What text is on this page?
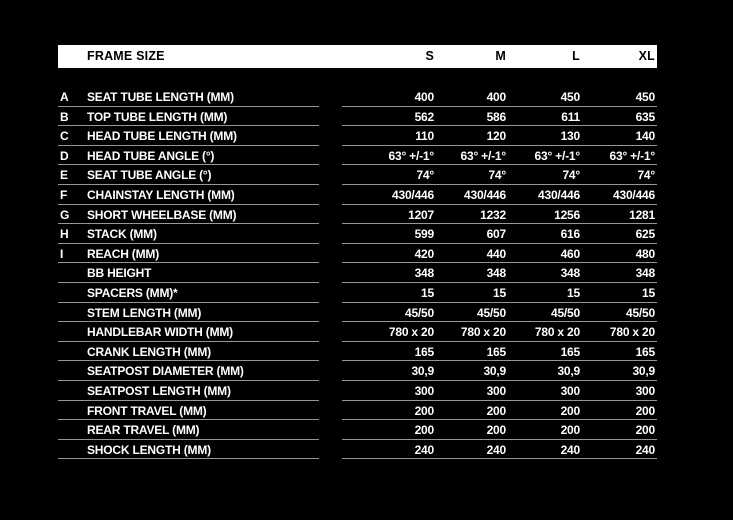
FRAME SIZE	S	M	L	XL
A SEAT TUBE LENGTH (MM)	400	400	450	450
B TOP TUBE LENGTH (MM)	562	586	611	635
C HEAD TUBE LENGTH (MM)	110	120	130	140
D HEAD TUBE ANGLE (°)	63° +/-1°	63° +/-1°	63° +/-1°	63° +/-1°
E SEAT TUBE ANGLE (°)	74°	74°	74°	74°
F CHAINSTAY LENGTH (MM)	430/446	430/446	430/446	430/446
G SHORT WHEELBASE (MM)	1207	1232	1256	1281
H STACK (MM)	599	607	616	625
I REACH (MM)	420	440	460	480
BB HEIGHT	348	348	348	348
SPACERS (MM)*	15	15	15	15
STEM LENGTH (MM)	45/50	45/50	45/50	45/50
HANDLEBAR WIDTH (MM)	780 x 20	780 x 20	780 x 20	780 x 20
CRANK LENGTH (MM)	165	165	165	165
SEATPOST DIAMETER (MM)	30,9	30,9	30,9	30,9
SEATPOST LENGTH (MM)	300	300	300	300
FRONT TRAVEL (MM)	200	200	200	200
REAR TRAVEL (MM)	200	200	200	200
SHOCK LENGTH (MM)	240	240	240	240
